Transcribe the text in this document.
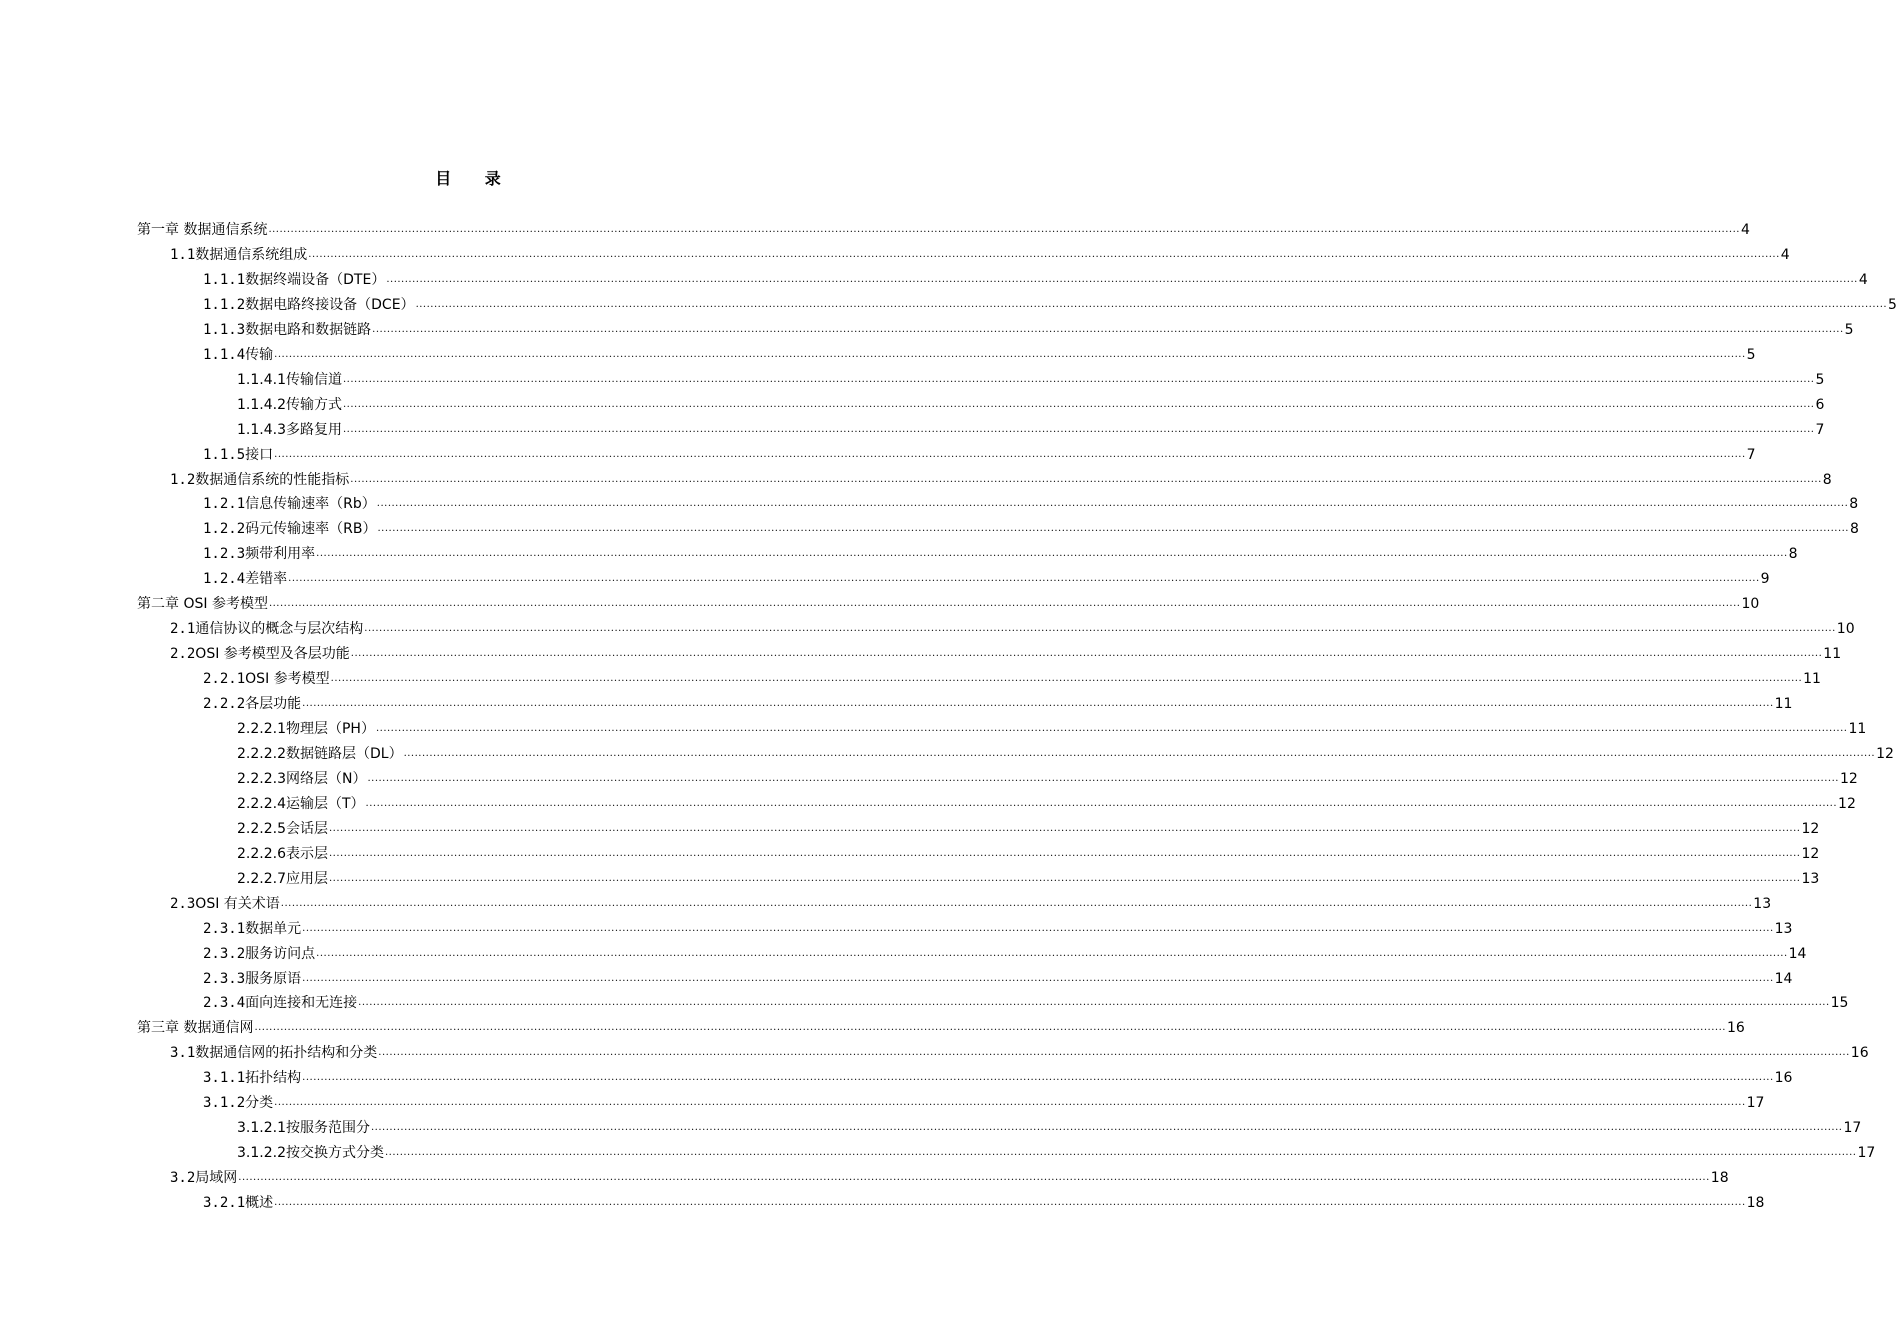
目 录
第一章 数据通信系统 ................................................................................................................................................................................................................................................................................................................................................................................................................ 4
1.1数据通信系统组成 ................................................................................................................................................................................................................................................................................................................................................................................................................ 4
1.1.1数据终端设备（DTE） ................................................................................................................................................................................................................................................................................................................................................................................................................ 4
1.1.2数据电路终接设备（DCE） ................................................................................................................................................................................................................................................................................................................................................................................................................ 5
1.1.3数据电路和数据链路 ................................................................................................................................................................................................................................................................................................................................................................................................................ 5
1.1.4传输 ................................................................................................................................................................................................................................................................................................................................................................................................................ 5
1.1.4.1传输信道 ................................................................................................................................................................................................................................................................................................................................................................................................................ 5
1.1.4.2传输方式 ................................................................................................................................................................................................................................................................................................................................................................................................................ 6
1.1.4.3多路复用 ................................................................................................................................................................................................................................................................................................................................................................................................................ 7
1.1.5接口 ................................................................................................................................................................................................................................................................................................................................................................................................................ 7
1.2数据通信系统的性能指标 ................................................................................................................................................................................................................................................................................................................................................................................................................ 8
1.2.1信息传输速率（Rb） ................................................................................................................................................................................................................................................................................................................................................................................................................ 8
1.2.2码元传输速率（RB） ................................................................................................................................................................................................................................................................................................................................................................................................................ 8
1.2.3频带利用率 ................................................................................................................................................................................................................................................................................................................................................................................................................ 8
1.2.4差错率 ................................................................................................................................................................................................................................................................................................................................................................................................................ 9
第二章 OSI 参考模型 ................................................................................................................................................................................................................................................................................................................................................................................................................ 10
2.1通信协议的概念与层次结构 ................................................................................................................................................................................................................................................................................................................................................................................................................ 10
2.2OSI 参考模型及各层功能 ................................................................................................................................................................................................................................................................................................................................................................................................................ 11
2.2.1OSI 参考模型 ................................................................................................................................................................................................................................................................................................................................................................................................................ 11
2.2.2各层功能 ................................................................................................................................................................................................................................................................................................................................................................................................................ 11
2.2.2.1物理层（PH） ................................................................................................................................................................................................................................................................................................................................................................................................................ 11
2.2.2.2数据链路层（DL） ................................................................................................................................................................................................................................................................................................................................................................................................................ 12
2.2.2.3网络层（N） ................................................................................................................................................................................................................................................................................................................................................................................................................ 12
2.2.2.4运输层（T） ................................................................................................................................................................................................................................................................................................................................................................................................................ 12
2.2.2.5会话层 ................................................................................................................................................................................................................................................................................................................................................................................................................ 12
2.2.2.6表示层 ................................................................................................................................................................................................................................................................................................................................................................................................................ 12
2.2.2.7应用层 ................................................................................................................................................................................................................................................................................................................................................................................................................ 13
2.3OSI 有关术语 ................................................................................................................................................................................................................................................................................................................................................................................................................ 13
2.3.1数据单元 ................................................................................................................................................................................................................................................................................................................................................................................................................ 13
2.3.2服务访问点 ................................................................................................................................................................................................................................................................................................................................................................................................................ 14
2.3.3服务原语 ................................................................................................................................................................................................................................................................................................................................................................................................................ 14
2.3.4面向连接和无连接 ................................................................................................................................................................................................................................................................................................................................................................................................................ 15
第三章 数据通信网 ................................................................................................................................................................................................................................................................................................................................................................................................................ 16
3.1数据通信网的拓扑结构和分类 ................................................................................................................................................................................................................................................................................................................................................................................................................ 16
3.1.1拓扑结构 ................................................................................................................................................................................................................................................................................................................................................................................................................ 16
3.1.2分类 ................................................................................................................................................................................................................................................................................................................................................................................................................ 17
3.1.2.1按服务范围分 ................................................................................................................................................................................................................................................................................................................................................................................................................ 17
3.1.2.2按交换方式分类 ................................................................................................................................................................................................................................................................................................................................................................................................................ 17
3.2局域网 ................................................................................................................................................................................................................................................................................................................................................................................................................ 18
3.2.1概述 ................................................................................................................................................................................................................................................................................................................................................................................................................ 18
